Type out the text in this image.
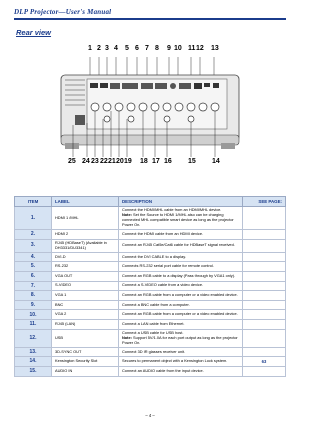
DLP Projector—User's Manual
Rear view
1 2 3 4 5 6 7 8 9 10 11 12 13
25 24 23 22 21 20 19 18 17 16 15 14
ITEM	LABEL	DESCRIPTION	SEE PAGE:
1.	HDMI 1 /MHL	Connect the HDMI/MHL cable from an HDMI/MHL device.
Note: Set the Source to HDMI 1/MHL also can be charging connected MHL compatible smart device as long as the projector Power On.	

2.	HDMI 2	Connect the HDMI cable from an HDMI device.	

3.	RJ45 (HDBaseT) (Available in DH3331/DU3341)	Connect an RJ45 Cat5e/Cat6 cable for HDBaseT signal received.	

4.	DVI-D	Connect the DVI CABLE to a display.	

5.	RS-232	Connects RS-232 serial port cable for remote control.	

6.	VGA OUT	Connect an RGB cable to a display (Pass through by VGA1 only).	

7.	S-VIDEO	Connect a S-VIDEO cable from a video device.	

8.	VGA 1	Connect an RGB cable from a computer or a video enabled device.	

9.	BNC	Connect a BNC cable from a computer.	

10.	VGA 2	Connect an RGB cable from a computer or a video enabled device.	

11.	RJ45 (LAN)	Connect a LAN cable from Ethernet.	

12.	USB	Connect a USB cable for USB host.
Note: Support 5V/1.0A for each port output as long as the projector Power On.	

13.	3D-SYNC OUT	Connect 3D IR glasses receiver unit.	

14.	Kensington Security Slot	Secures to permanent object with a Kensington Lock system.	63
15.	AUDIO IN	Connect an AUDIO cable from the input device.	

– 4 –
